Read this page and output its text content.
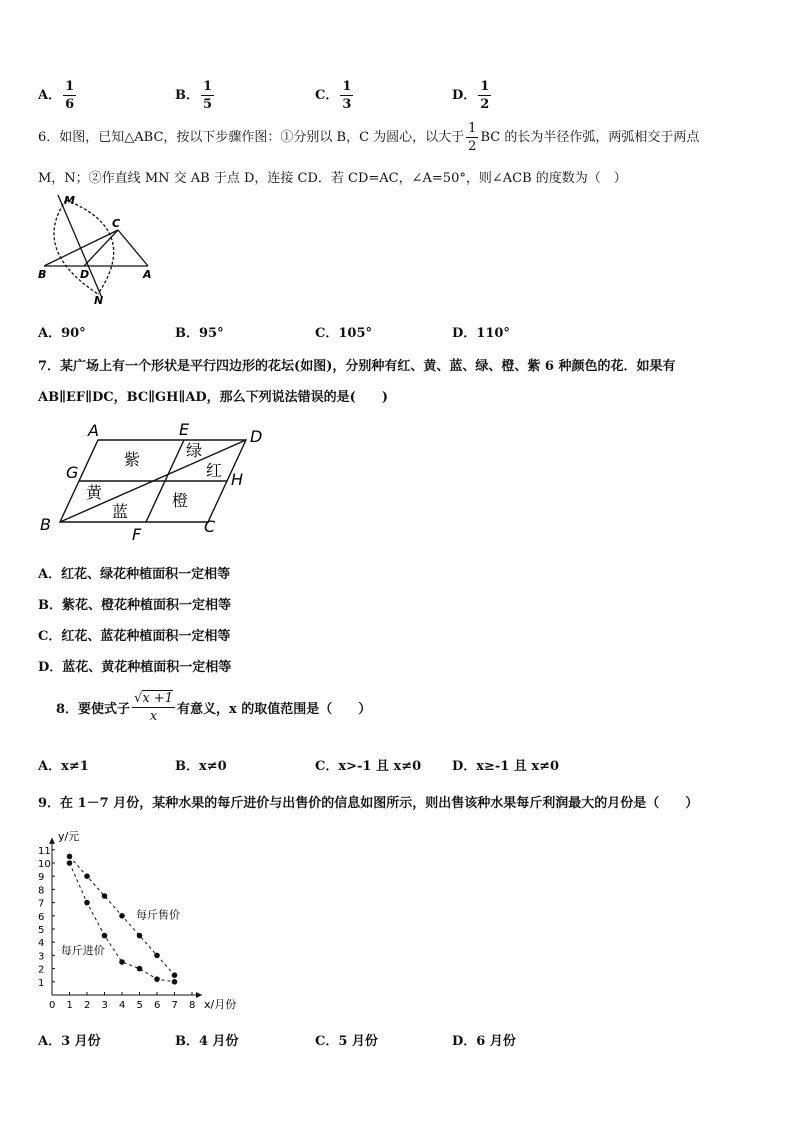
A． $\frac{1}{6}$	B． $\frac{1}{5}$	C． $\frac{1}{3}$	D． $\frac{1}{2}$
6．如图，已知△ABC，按以下步骤作图：①分别以 B，C 为圆心，以大于 $\frac{1}{2}$ BC 的长为半径作弧，两弧相交于两点
M，N；②作直线 MN 交 AB 于点 D，连接 CD．若 CD=AC，∠A=50°，则∠ACB 的度数为（　）
M
C
B	D	A
N
A．90°	B．95°	C．105°	D．110°
7．某广场上有一个形状是平行四边形的花坛(如图)，分别种有红、黄、蓝、绿、橙、紫 6 种颜色的花．如果有
AB∥EF∥DC，BC∥GH∥AD，那么下列说法错误的是(　　)
A	E	D
G	H
B
F	C
紫	绿
红
黄
蓝
橙
A．红花、绿花种植面积一定相等
B．紫花、橙花种植面积一定相等
C．红花、蓝花种植面积一定相等
D．蓝花、黄花种植面积一定相等
8．要使式子 $\frac{√x +1}{x}$ 有意义，x 的取值范围是（　　）
A．x≠1	B．x≠0	C．x>-1 且 x≠0 D．x≥-1 且 x≠0
9．在 1－7 月份，某种水果的每斤进价与出售价的信息如图所示，则出售该种水果每斤利润最大的月份是（　　）
0 1 2 3 4 5 6 7 8
1
2
3
4
5
6
7
8
9
10
11
x/月份
y/元
每斤售价
每斤进价
A．3 月份	B．4 月份	C．5 月份	D．6 月份
